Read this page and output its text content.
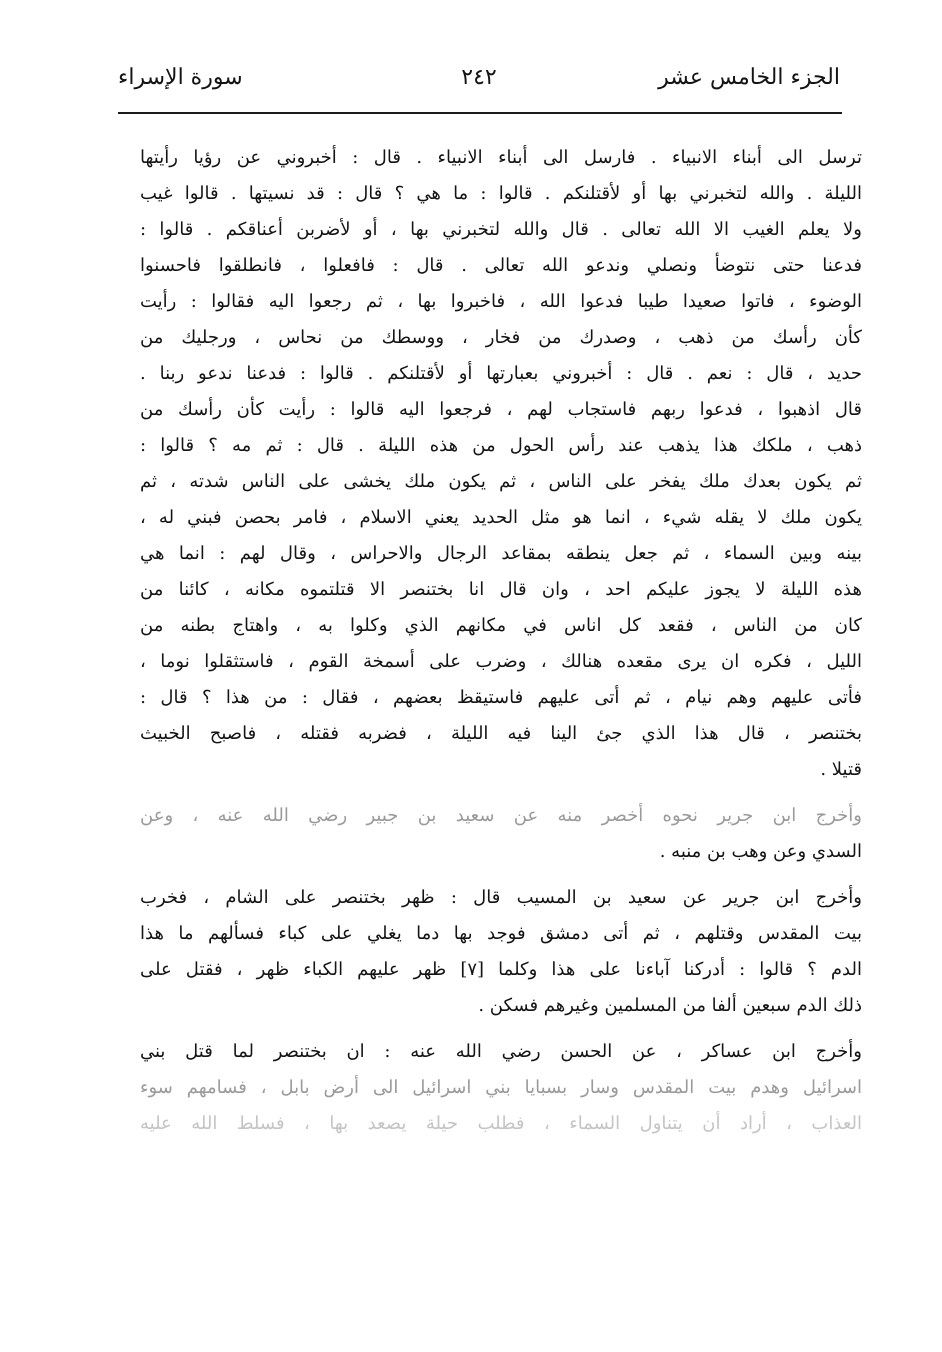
الجزء الخامس عشر
٢٤٢
سورة الإسراء
ترسل الى أبناء الانبياء . فارسل الى أبناء الانبياء . قال : أخبروني عن رؤيا رأيتها
الليلة . والله لتخبرني بها أو لأقتلنكم . قالوا : ما هي ؟ قال : قد نسيتها . قالوا غيب
ولا يعلم الغيب الا الله تعالى . قال والله لتخبرني بها ، أو لأضربن أعناقكم . قالوا :
فدعنا حتى نتوضأ ونصلي وندعو الله تعالى . قال : فافعلوا ، فانطلقوا فاحسنوا
الوضوء ، فاتوا صعيدا طيبا فدعوا الله ، فاخبروا بها ، ثم رجعوا اليه فقالوا : رأيت
كأن رأسك من ذهب ، وصدرك من فخار ، ووسطك من نحاس ، ورجليك من
حديد ، قال : نعم . قال : أخبروني بعبارتها أو لأقتلنكم . قالوا : فدعنا ندعو ربنا .
قال اذهبوا ، فدعوا ربهم فاستجاب لهم ، فرجعوا اليه قالوا : رأيت كأن رأسك من
ذهب ، ملكك هذا يذهب عند رأس الحول من هذه الليلة . قال : ثم مه ؟ قالوا :
ثم يكون بعدك ملك يفخر على الناس ، ثم يكون ملك يخشى على الناس شدته ، ثم
يكون ملك لا يقله شيء ، انما هو مثل الحديد يعني الاسلام ، فامر بحصن فبني له ،
بينه وبين السماء ، ثم جعل ينطقه بمقاعد الرجال والاحراس ، وقال لهم : انما هي
هذه الليلة لا يجوز عليكم احد ، وان قال انا بختنصر الا قتلتموه مكانه ، كائنا من
كان من الناس ، فقعد كل اناس في مكانهم الذي وكلوا به ، واهتاج بطنه من
الليل ، فكره ان يرى مقعده هنالك ، وضرب على أسمخة القوم ، فاستثقلوا نوما ،
فأتى عليهم وهم نيام ، ثم أتى عليهم فاستيقظ بعضهم ، فقال : من هذا ؟ قال :
بختنصر ، قال هذا الذي جئ الينا فيه الليلة ، فضربه فقتله ، فاصبح الخبيث
قتيلا .
وأخرج ابن جرير نحوه أخصر منه عن سعيد بن جبير رضي الله عنه ، وعن
السدي وعن وهب بن منبه .
وأخرج ابن جرير عن سعيد بن المسيب قال : ظهر بختنصر على الشام ، فخرب
بيت المقدس وقتلهم ، ثم أتى دمشق فوجد بها دما يغلي على كباء فسألهم ما هذا
الدم ؟ قالوا : أدركنا آباءنا على هذا وكلما [٧] ظهر عليهم الكباء ظهر ، فقتل على
ذلك الدم سبعين ألفا من المسلمين وغيرهم فسكن .
وأخرج ابن عساكر ، عن الحسن رضي الله عنه : ان بختنصر لما قتل بني
اسرائيل وهدم بيت المقدس وسار بسبايا بني اسرائيل الى أرض بابل ، فسامهم سوء
العذاب ، أراد أن يتناول السماء ، فطلب حيلة يصعد بها ، فسلط الله عليه
